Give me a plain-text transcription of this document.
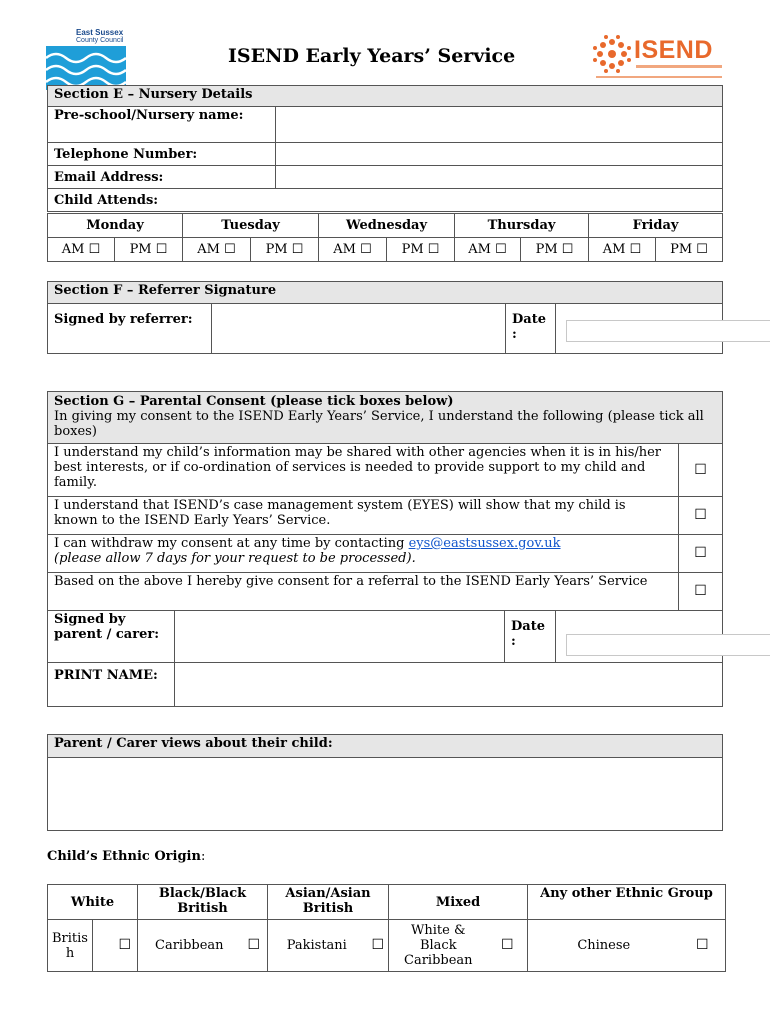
East Sussex
County Council
ISEND Early Years’ Service	ISEND
Section E – Nursery Details	
Pre-school/Nursery name:	
Telephone Number:	
Email Address:	
Child Attends:	
Monday		Tuesday		Wednesday		Thursday		Friday	
AM ☐	PM ☐	AM ☐	PM ☐	AM ☐	PM ☐	AM ☐	PM ☐	AM ☐	PM ☐
Section F – Referrer Signature
Signed by referrer:		Date :	
Section G – Parental Consent (please tick boxes below)
In giving my consent to the ISEND Early Years’ Service, I understand the following (please tick all boxes)				

I understand my child’s information may be shared with other agencies when it is in his/her best interests, or if co-ordination of services is needed to provide support to my child and family.				☐
I understand that ISEND’s case management system (EYES) will show that my child is known to the ISEND Early Years’ Service.				☐
I can withdraw my consent at any time by contacting eys@eastsussex.gov.uk
(please allow 7 days for your request to be processed).				☐
Based on the above I hereby give consent for a referral to the ISEND Early Years’ Service				☐
Signed by parent / carer:		Date :		
PRINT NAME:				
Parent / Carer views about their child:

Child’s Ethnic Origin:
White		Black/Black British		Asian/Asian British		Mixed		Any other Ethnic Group	
British	☐	Caribbean	☐	Pakistani	☐	White & Black Caribbean	☐	Chinese	☐
